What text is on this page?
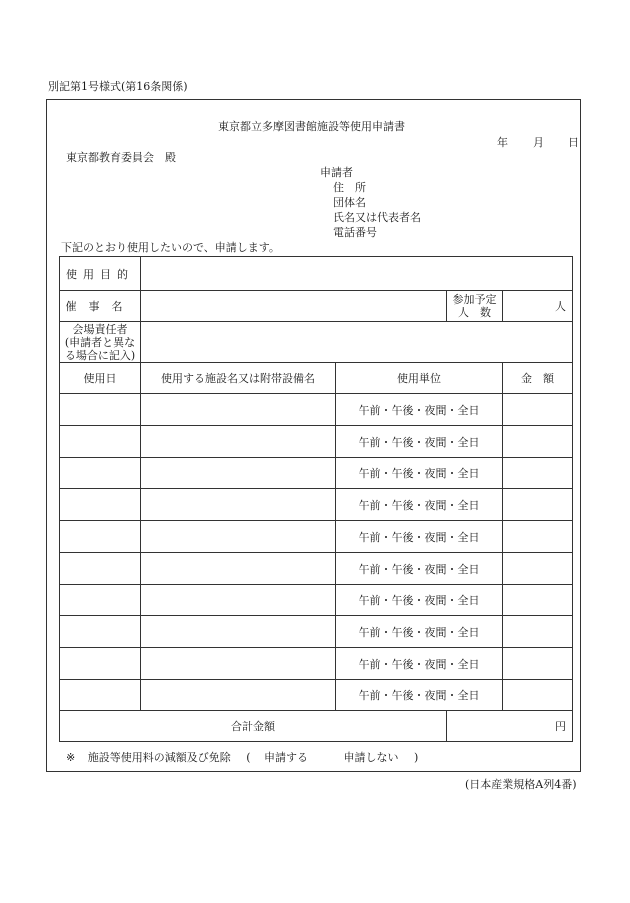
別記第1号様式(第16条関係)
東京都立多摩図書館施設等使用申請書
年 月 日
東京都教育委員会　殿
申請者
住　所
団体名
氏名又は代表者名
電話番号
下記のとおり使用したいので、申請します。
使用目的				
催事名			参加予定
人　数	人

会場責任者
(申請者と異な
る場合に記入)				

使用日	使用する施設名又は附帯設備名	使用単位		金　額
		午前・午後・夜間・全日		
		午前・午後・夜間・全日		
		午前・午後・夜間・全日		
		午前・午後・夜間・全日		
		午前・午後・夜間・全日		
		午前・午後・夜間・全日		
		午前・午後・夜間・全日		
		午前・午後・夜間・全日		
		午前・午後・夜間・全日		
		午前・午後・夜間・全日		
合計金額			円	
※ 施設等使用料の減額及び免除 ( 申請する	申請しない )
(日本産業規格A列4番)
